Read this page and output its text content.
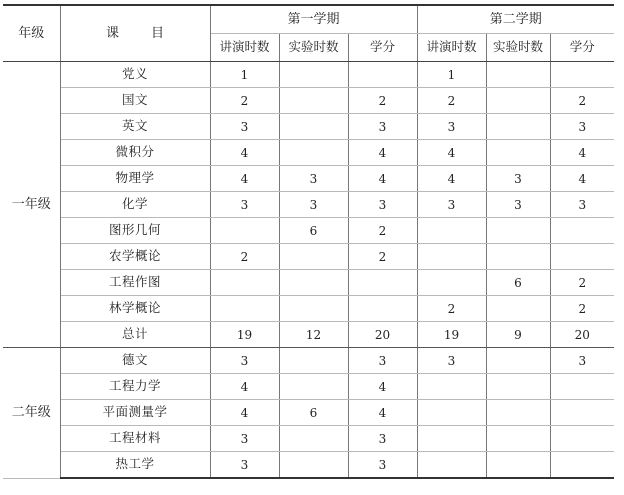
年级	课 目	第一学期			第二学期		
		讲演时数	实验时数	学分	讲演时数	实验时数	学分
一年级	党义	1			1		
	国文	2		2	2		2
	英文	3		3	3		3
	微积分	4		4	4		4
	物理学	4	3	4	4	3	4
	化学	3	3	3	3	3	3
	图形几何		6	2			
	农学概论	2		2			
	工程作图					6	2
	林学概论				2		2
	总计	19	12	20	19	9	20
二年级	德文	3		3	3		3
	工程力学	4		4			
	平面测量学	4	6	4			
	工程材料	3		3			
	热工学	3		3			
